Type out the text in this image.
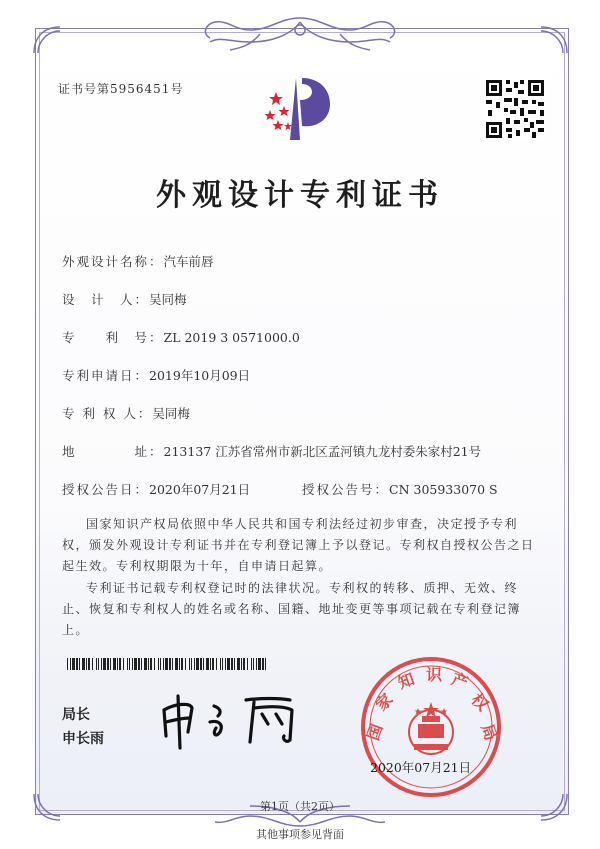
证书号第5956451号
外观设计专利证书
外观设计名称：汽车前唇
设　计　人：吴同梅
专　　利　号：ZL 2019 3 0571000.0
专利申请日：2019年10月09日
专 利 权 人：吴同梅
地　　　　址：213137 江苏省常州市新北区孟河镇九龙村委朱家村21号
授权公告日：2020年07月21日	授权公告号：CN 305933070 S
国家知识产权局依照中华人民共和国专利法经过初步审查，决定授予专利权，颁发外观设计专利证书并在专利登记簿上予以登记。专利权自授权公告之日起生效。专利权期限为十年，自申请日起算。
专利证书记载专利权登记时的法律状况。专利权的转移、质押、无效、终止、恢复和专利权人的姓名或名称、国籍、地址变更等事项记载在专利登记簿上。
局长
申长雨	国
家
知 识 产
权
局
2020年07月21日
第1页（共2页）
其他事项参见背面
